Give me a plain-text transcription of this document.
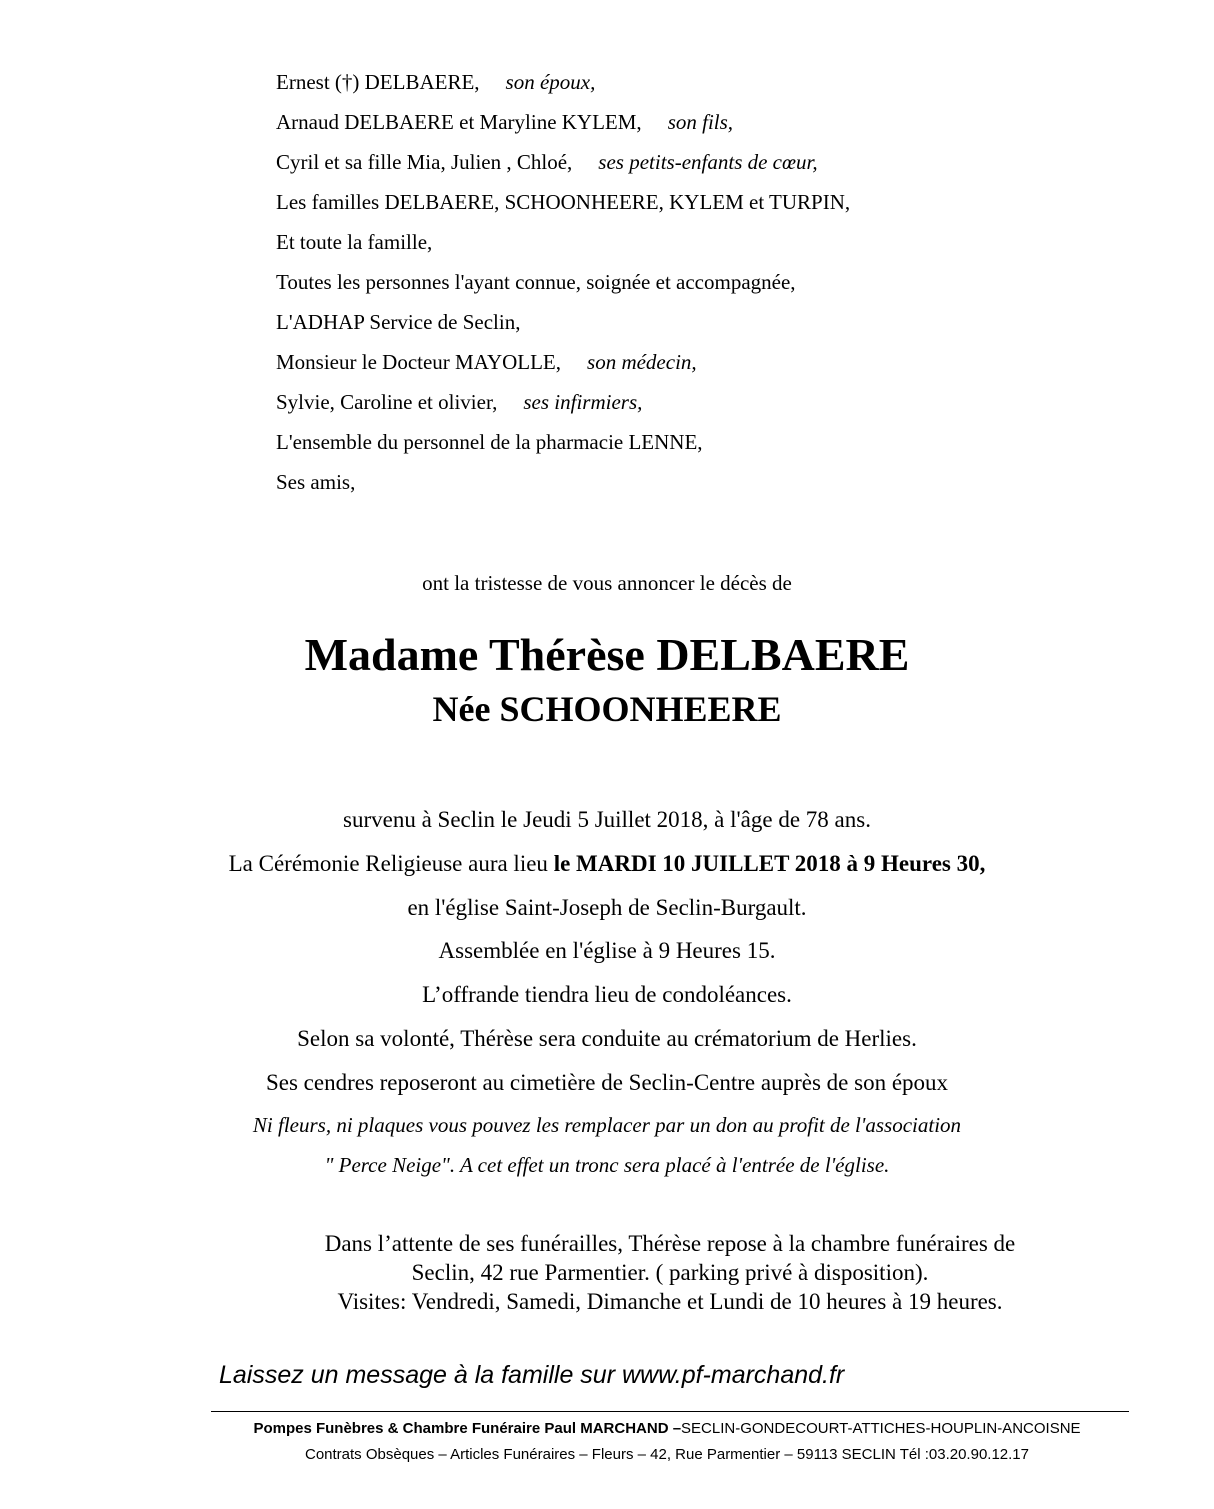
Ernest (†) DELBAERE, son époux,
Arnaud DELBAERE et Maryline KYLEM, son fils,
Cyril et sa fille Mia, Julien , Chloé, ses petits-enfants de cœur,
Les familles DELBAERE, SCHOONHEERE, KYLEM et TURPIN,
Et toute la famille,
Toutes les personnes l'ayant connue, soignée et accompagnée,
L'ADHAP Service de Seclin,
Monsieur le Docteur MAYOLLE, son médecin,
Sylvie, Caroline et olivier, ses infirmiers,
L'ensemble du personnel de la pharmacie LENNE,
Ses amis,
ont la tristesse de vous annoncer le décès de
Madame Thérèse DELBAERE
Née SCHOONHEERE
survenu à Seclin le Jeudi 5 Juillet 2018, à l'âge de 78 ans.
La Cérémonie Religieuse aura lieu le MARDI 10 JUILLET 2018 à 9 Heures 30,
en l'église Saint-Joseph de Seclin-Burgault.
Assemblée en l'église à 9 Heures 15.
L’offrande tiendra lieu de condoléances.
Selon sa volonté, Thérèse sera conduite au crématorium de Herlies.
Ses cendres reposeront au cimetière de Seclin-Centre auprès de son époux
Ni fleurs, ni plaques vous pouvez les remplacer par un don au profit de l'association
" Perce Neige". A cet effet un tronc sera placé à l'entrée de l'église.
Dans l’attente de ses funérailles, Thérèse repose à la chambre funéraires de
Seclin, 42 rue Parmentier. ( parking privé à disposition).
Visites: Vendredi, Samedi, Dimanche et Lundi de 10 heures à 19 heures.
Laissez un message à la famille sur www.pf-marchand.fr
Pompes Funèbres & Chambre Funéraire Paul MARCHAND –SECLIN-GONDECOURT-ATTICHES-HOUPLIN-ANCOISNE
Contrats Obsèques – Articles Funéraires – Fleurs – 42, Rue Parmentier – 59113 SECLIN Tél :03.20.90.12.17
